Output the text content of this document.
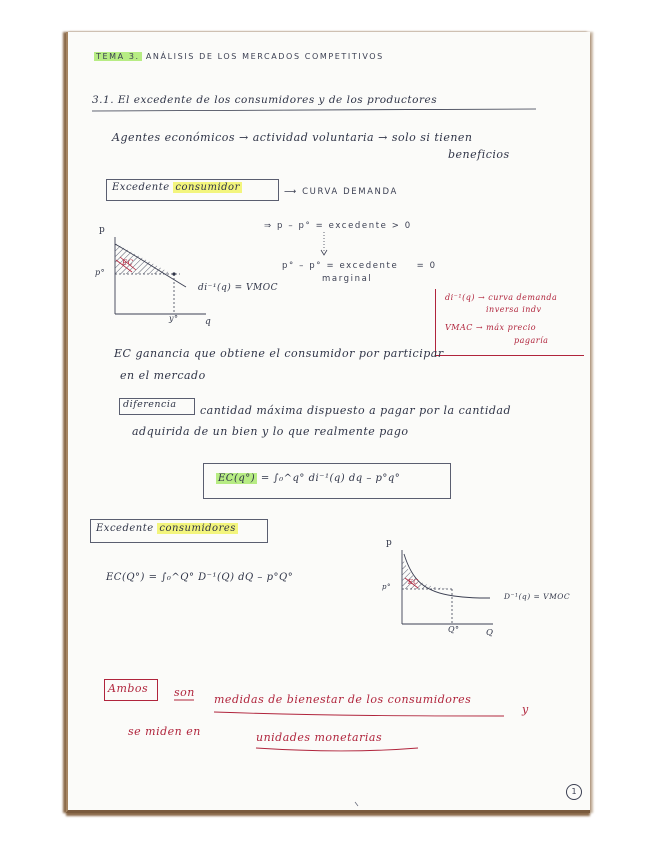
TEMA 3. ANÁLISIS DE LOS MERCADOS COMPETITIVOS
3.1. El excedente de los consumidores y de los productores
Agentes económicos → actividad voluntaria → solo si tienen
beneficios
Excedente consumidor	⟶ CURVA DEMANDA
p
p°
EC
di⁻¹(q) = VMOC
y°	q
⇒ p – p° = excedente > 0
p° – p° = excedente = 0
marginal
di⁻¹(q) → curva demanda
inversa indv
VMAC → máx precio
pagaría
EC ganancia que obtiene el consumidor por participar
en el mercado
diferencia cantidad máxima dispuesto a pagar por la cantidad
adquirida de un bien y lo que realmente pago
EC(q°) = ∫₀^q° di⁻¹(q) dq – p°q°
Excedente consumidores
EC(Q°) = ∫₀^Q° D⁻¹(Q) dQ – p°Q°
p
p°
EC
D⁻¹(q) = VMOC
Q°	Q
Ambos son
medidas de bienestar de los consumidores
y
se miden en	unidades monetarias
1
